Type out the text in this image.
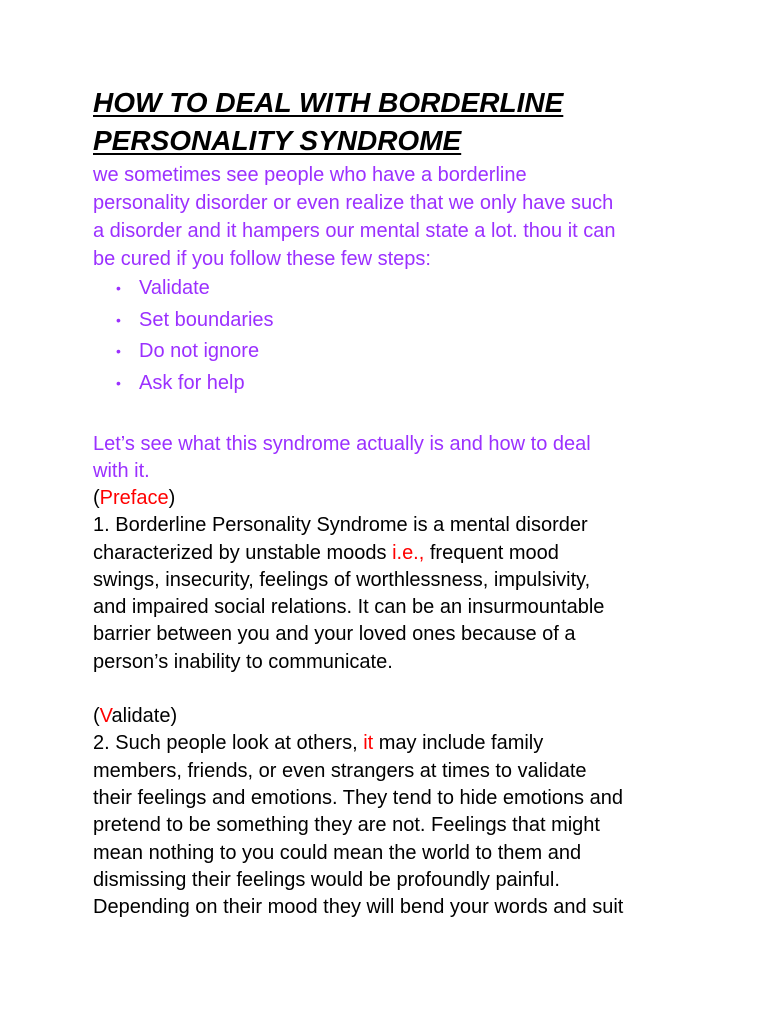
HOW TO DEAL WITH BORDERLINE
PERSONALITY SYNDROME

we sometimes see people who have a borderline
personality disorder or even realize that we only have such
a disorder and it hampers our mental state a lot. thou it can
be cured if you follow these few steps:

• Validate
• Set boundaries
• Do not ignore
• Ask for help

Let’s see what this syndrome actually is and how to deal
with it.

(Preface)
1. Borderline Personality Syndrome is a mental disorder
characterized by unstable moods i.e., frequent mood
swings, insecurity, feelings of worthlessness, impulsivity,
and impaired social relations. It can be an insurmountable
barrier between you and your loved ones because of a
person’s inability to communicate.
(Validate)
2. Such people look at others, it may include family
members, friends, or even strangers at times to validate
their feelings and emotions. They tend to hide emotions and
pretend to be something they are not. Feelings that might
mean nothing to you could mean the world to them and
dismissing their feelings would be profoundly painful.
Depending on their mood they will bend your words and suit
